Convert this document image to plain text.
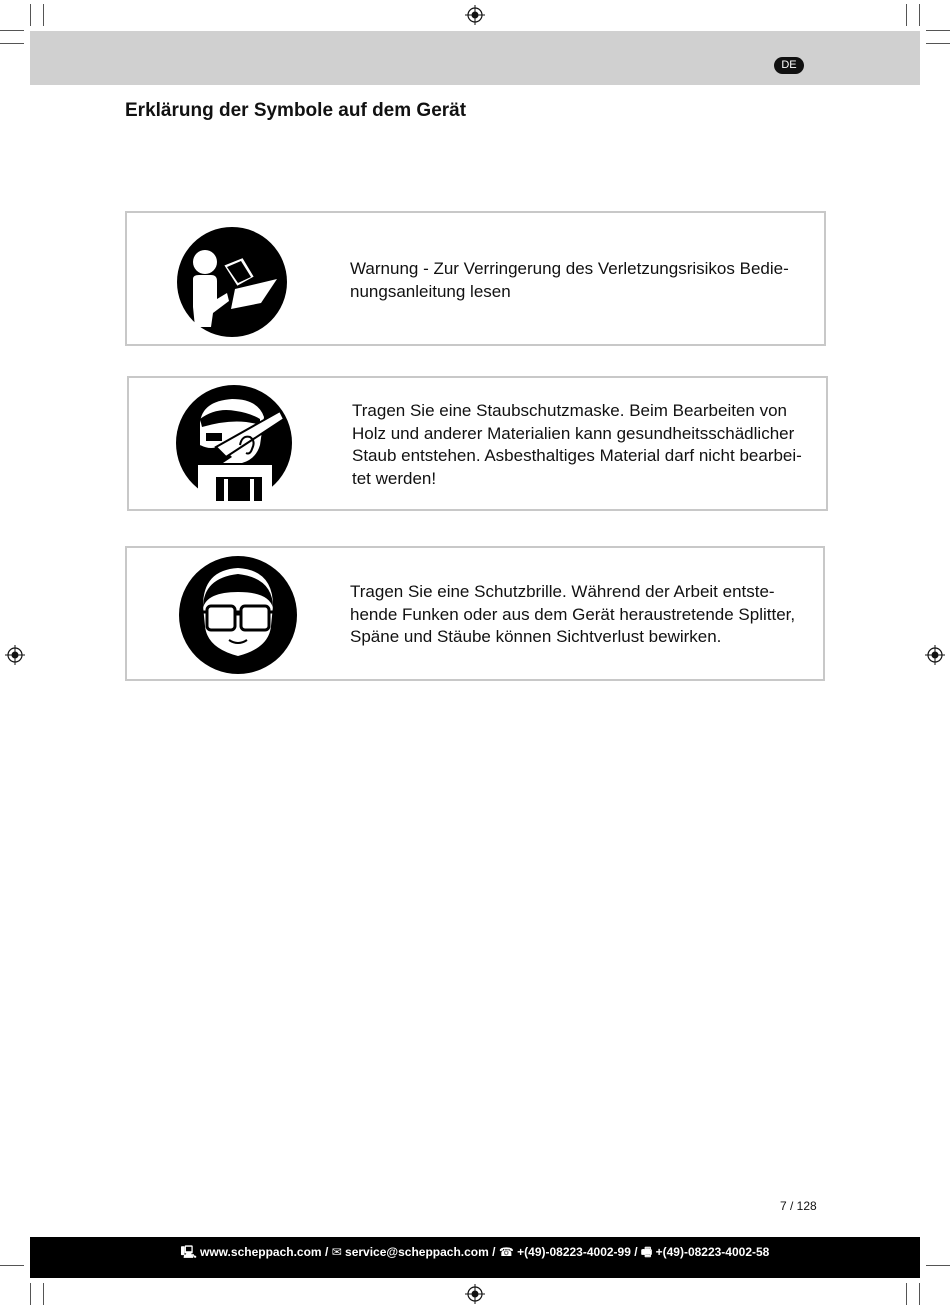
DE
Erklärung der Symbole auf dem Gerät
Warnung - Zur Verringerung des Verletzungsrisikos Bedie-
nungsanleitung lesen
Tragen Sie eine Staubschutzmaske. Beim Bearbeiten von
Holz und anderer Materialien kann gesundheitsschädlicher
Staub entstehen. Asbesthaltiges Material darf nicht bearbei-
tet werden!
Tragen Sie eine Schutzbrille. Während der Arbeit entste-
hende Funken oder aus dem Gerät heraustretende Splitter,
Späne und Stäube können Sichtverlust bewirken.
7 / 128
🖳 www.scheppach.com / ✉ service@scheppach.com / ☎ +(49)-08223-4002-99 / 🖷 +(49)-08223-4002-58
